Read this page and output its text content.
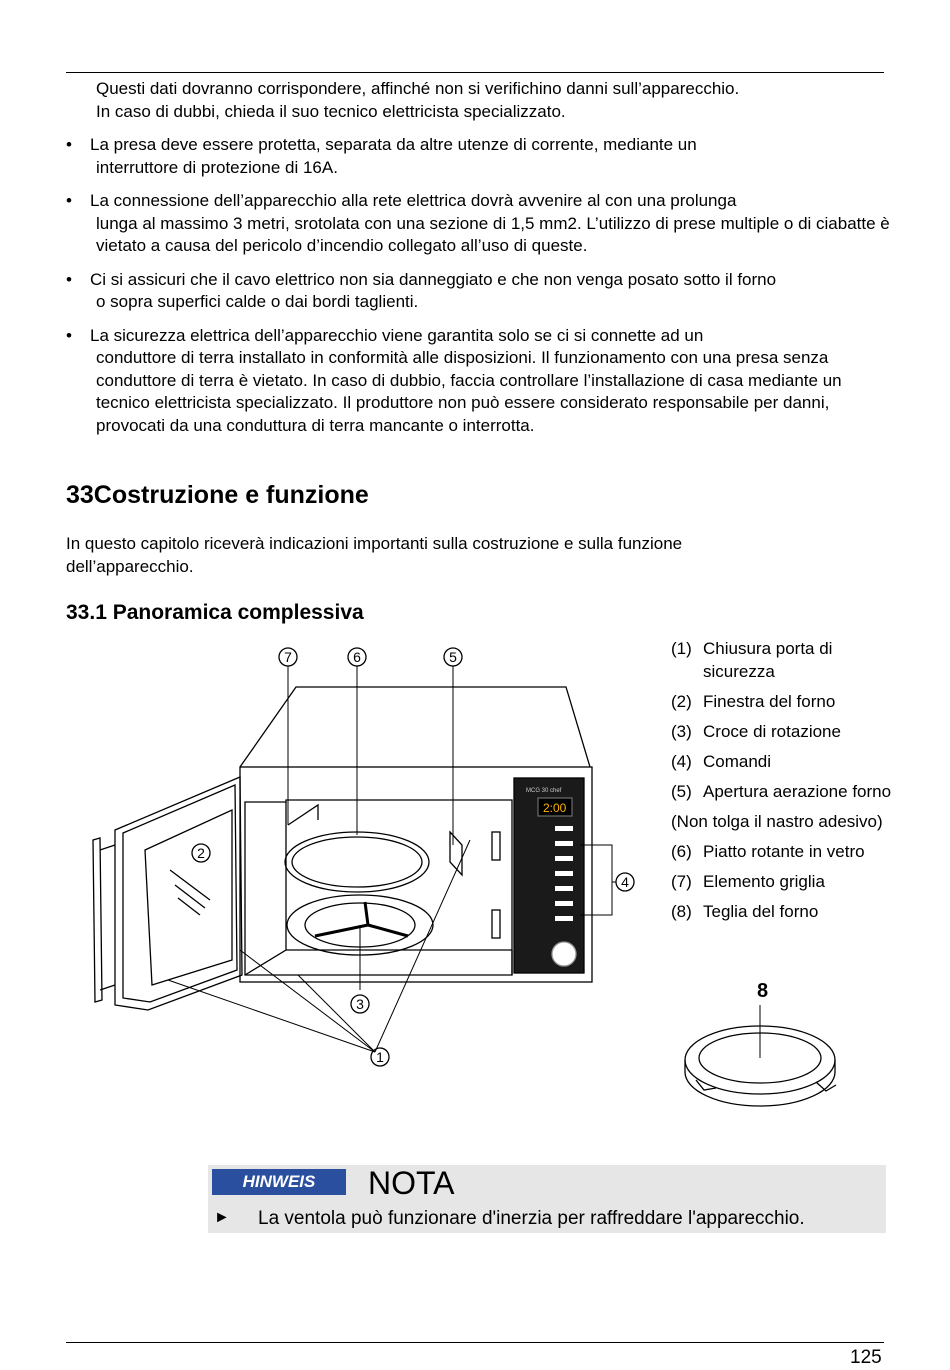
Questi dati dovranno corrispondere, affinché non si verifichino danni sull’apparecchio.
In caso di dubbi, chieda il suo tecnico elettricista specializzato.
• La presa deve essere protetta, separata da altre utenze di corrente, mediante un
interruttore di protezione di 16A.
• La connessione dell’apparecchio alla rete elettrica dovrà avvenire al con una prolunga
lunga al massimo 3 metri, srotolata con una sezione di 1,5 mm2. L’utilizzo di prese multiple o di ciabatte è vietato a causa del pericolo d’incendio collegato all’uso di queste.
• Ci si assicuri che il cavo elettrico non sia danneggiato e che non venga posato sotto il forno
o sopra superfici calde o dai bordi taglienti.
• La sicurezza elettrica dell’apparecchio viene garantita solo se ci si connette ad un
conduttore di terra installato in conformità alle disposizioni. Il funzionamento con una presa senza conduttore di terra è vietato. In caso di dubbio, faccia controllare l’installazione di casa mediante un tecnico elettricista specializzato. Il produttore non può essere considerato responsabile per danni, provocati da una conduttura di terra mancante o interrotta.
33Costruzione e funzione
In questo capitolo riceverà indicazioni importanti sulla costruzione e sulla funzione dell’apparecchio.
33.1 Panoramica complessiva
MCG 30 chef
2:00
7	6	5
4
3
2
1
(1) Chiusura porta di sicurezza
(2) Finestra del forno
(3) Croce di rotazione
(4) Comandi
(5) Apertura aerazione forno
(Non tolga il nastro adesivo)
(6) Piatto rotante in vetro
(7) Elemento griglia
(8) Teglia del forno
8
HINWEIS	NOTA
► La ventola può funzionare d'inerzia per raffreddare l'apparecchio.
125
